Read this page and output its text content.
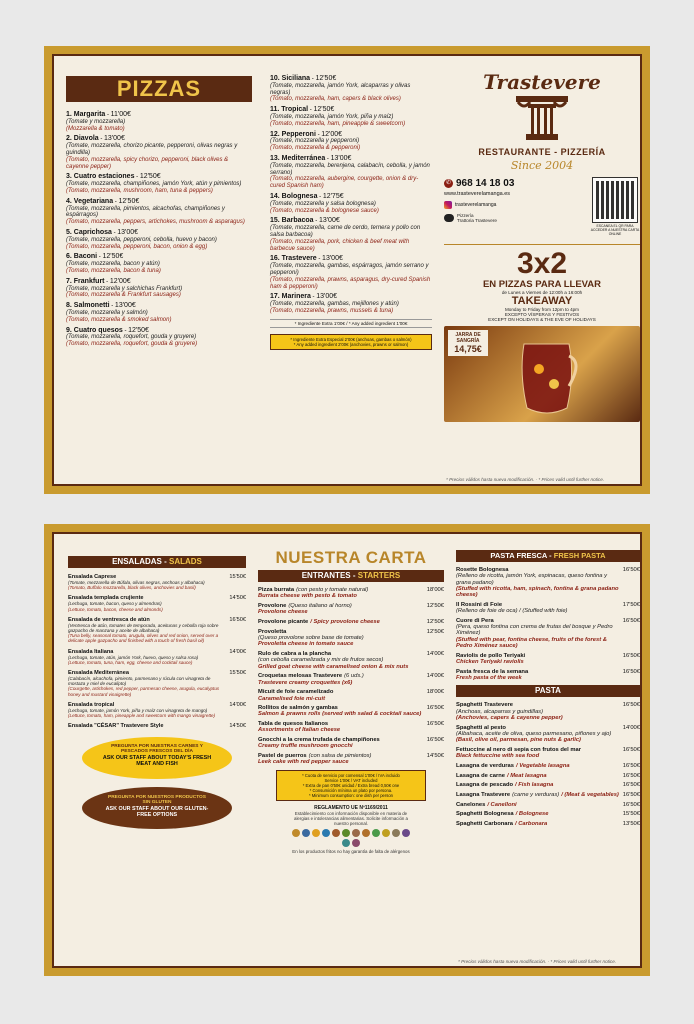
PIZZAS
1. Margarita - 11'00€
(Tomate y mozzarella)
(Mozzarella & tomato)
2. Diavola - 13'00€
(Tomate, mozzarella, chorizo picante, pepperoni, olivas negras y guindilla)
(Tomato, mozzarella, spicy chorizo, pepperoni, black olives & cayenne pepper)
3. Cuatro estaciones - 12'50€
(Tomate, mozzarella, champiñones, jamón York, atún y pimientos)
(Tomato, mozzarella, mushroom, ham, tuna & peppers)
4. Vegetariana - 12'50€
(Tomate, mozzarella, pimientos, alcachofas, champiñones y espárragos)
(Tomato, mozzarella, peppers, artichokes, mushroom & asparagus)
5. Caprichosa - 13'00€
(Tomate, mozzarella, pepperoni, cebolla, huevo y bacon)
(Tomato, mozzarella, pepperoni, bacon, onion & egg)
6. Baconi - 12'50€
(Tomate, mozzarella, bacon y atún)
(Tomato, mozzarella, bacon & tuna)
7. Frankfurt - 12'00€
(Tomate, mozzarella y salchichas Frankfurt)
(Tomato, mozzarella & Frankfurt sausages)
8. Salmonetti - 13'00€
(Tomate, mozzarella y salmón)
(Tomato, mozzarella & smoked salmon)
9. Cuatro quesos - 12'50€
(Tomate, mozzarella, roquefort, gouda y gruyere)
(Tomato, mozzarella, roquefort, gouda & gruyere)
10. Siciliana - 12'50€
(Tomate, mozzarella, jamón York, alcaparras y olivas negras)
(Tomato, mozzarella, ham, capers & black olives)
11. Tropical - 12'50€
(Tomate, mozzarella, jamón York, piña y maíz)
(Tomato, mozzarella, ham, pineapple & sweetcorn)
12. Pepperoni - 12'00€
(Tomate, mozzarella y pepperoni)
(Tomato, mozzarella & pepperoni)
13. Mediterránea - 13'00€
(Tomate, mozzarella, berenjena, calabacín, cebolla, y jamón serrano)
(Tomato, mozzarella, aubergine, courgette, onion & dry-cured Spanish ham)
14. Bolognesa - 12'75€
(Tomate, mozzarella y salsa bolognesa)
(Tomato, mozzarella & bolognese sauce)
15. Barbacoa - 13'00€
(Tomate, mozzarella, carne de cerdo, ternera y pollo con salsa barbacoa)
(Tomato, mozzarella, pork, chicken & beef meat with barbecue sauce)
16. Trastevere - 13'00€
(Tomate, mozzarella, gambas, espárragos, jamón serrano y pepperoni)
(Tomato, mozzarella, prawns, asparagus, dry-cured Spanish ham & pepperoni)
17. Marinera - 13'00€
(Tomate, mozzarella, gambas, mejillones y atún)
(Tomato, mozzarella, prawns, mussels & tuna)
* Ingrediente Extra 1'00€ / * Any added ingredient 1'00€
* Ingrediente Extra Especial 2'00€ (anchoas, gambas o salmón)
* Any added ingredient 2'00€ (anchovies, prawns or salmon)
Trastevere
RESTAURANTE - PIZZERÍA
Since 2004
✆ 968 14 18 03
www.trasteverelamanga.es
trasteverelamanga
Pizzería
Trattoria Trastevere
ESCANEA EL QR PARA ACCEDER A NUESTRA CARTA ONLINE
3x2
EN PIZZAS PARA LLEVAR
de Lunes a Viernes de 12:00h a 16:00h
TAKEAWAY
Monday to Friday from 12pm to 4pm
EXCEPTO VÍSPERAS Y FESTIVOS
EXCEPT ON HOLIDAYS & THE EVE OF HOLIDAYS
JARRA DE SANGRÍA
14,75€
* Precios válidos hasta nueva modificación. · * Prices valid until further notice.
ENSALADAS - SALADS
Ensalada Caprese
(Tomate, mezzarella de Búfala, olivas negras, anchoas y albahaca)
(Tomato, Buffalo mozzarella, black olives, anchovies and basil)
15'50€
Ensalada templada crujiente
(Lechuga, tomate, bacon, queso y almendras)
(Lettuce, tomato, bacon, cheese and almonds)
14'50€
Ensalada de ventresca de atún
(Ventresca de atún, tomates de temporada, aceitunas y cebolla roja sobre gazpacho de manzana y aceite de albahaca)
(Tuna belly, seasonal tomato, arugula, olives and red onion, served over a delicate apple gazpacho and finished with a touch of fresh basil oil)
16'50€
Ensalada Italiana
(Lechuga, tomate, atún, jamón York, huevo, queso y salsa rosa)
(Lettuce, tomato, tuna, ham, egg, cheese and cocktail sauce)
14'00€
Ensalada Mediterránea
(Calabacín, alcachofa, pimiento, parmesano y rúcula con vinagreta de mostaza y miel de eucalipto)
(Courgette, artichokes, red pepper, parmesan cheese, arugula, eucalyptus honey and mustard vinaigrette)
15'50€
Ensalada tropical
(Lechuga, tomate, jamón York, piña y maíz con vinagreta de mango)
(Lettuce, tomato, ham, pineapple and sweetcorn with mango vinaigrette)
14'00€
Ensalada "CÉSAR" Trastevere Style	14'50€
PREGUNTA POR NUESTRAS CARNES Y PESCADOS FRESCOS DEL DÍA
ASK OUR STAFF ABOUT TODAY'S FRESH MEAT AND FISH
PREGUNTA POR NUESTROS PRODUCTOS SIN GLUTEN
ASK OUR STAFF ABOUT OUR GLUTEN-FREE OPTIONS
NUESTRA CARTA
ENTRANTES - STARTERS
Pizza burrata (con pesto y tomate natural)
Burrata cheese with pesto & tomato
18'00€
Provolone (Queso italiano al horno)
Provolone cheese
12'50€
Provolone picante / Spicy provolone cheese	12'50€
Provoletta
(Queso provolone sobre base de tomate)
Provoletta cheese in tomato sauce
12'50€
Rulo de cabra a la plancha
(con cebolla caramelizada y mix de frutos secos)
Grilled goat cheese with caramelised onion & mix nuts
14'00€
Croquetas melosas Trastevere (6 uds.)
Trastevere creamy croquettes (x6)
14'00€
Micuit de foie caramelizado
Caramelised foie mi-cuit
18'00€
Rollitos de salmón y gambas
Salmon & prawns rolls (served with salad & cocktail sauce)
16'50€
Tabla de quesos Italianos
Assortments of Italian cheese
16'50€
Gnocchi a la crema trufada de champiñones
Creamy truffle mushroom gnocchi
16'50€
Pastel de puerros (con salsa de pimientos)
Leek cake with red pepper sauce
14'50€
* Cuota de servicio por comensal 1'00€ / IVA incluido
Service 1'00€ / VAT included
* Extra de pan 0'50€ unidad / Extra bread 0,50€ one
* Consumición mínima un plato por persona.
* Minimum consumption: one dish per person
REGLAMENTO UE Nº1169/2011
Establecimiento con información disponible en materia de alergias e intolerancias alimentarias. Solicite información a nuestro personal.
En los productos fritos no hay garantía de falta de alérgenos
PASTA FRESCA - FRESH PASTA
Rosette Bolognesa
(Relleno de ricotta, jamón York, espinacas, queso fontina y grana padano)
(Stuffed with ricotta, ham, spinach, fontina & grana padano cheese)
16'50€
Il Rossini di Foie
(Relleno de foie de oca) / (Stuffed with foie)
17'50€
Cuore di Pera
(Pera, queso fontina con crema de frutas del bosque y Pedro Ximénez)
(Stuffed with pear, fontina cheese, fruits of the forest & Pedro Ximénez sauce)
16'50€
Raviolis de pollo Teriyaki
Chicken Teriyaki raviolis
16'50€
Pasta fresca de la semana
Fresh pasta of the week
16'50€
PASTA
Spaghetti Trastevere
(Anchoas, alcaparras y guindillas)
(Anchovies, capers & cayenne pepper)
16'50€
Spaghetti al pesto
(Albahaca, aceite de oliva, queso parmesano, piñones y ajo)
(Basil, olive oil, parmesan, pine nuts & garlic)
14'00€
Fettuccine al nero di sepia con frutos del mar
Black fettuccine with sea food
16'50€
Lasagna de verduras / Vegetable lasagna	16'50€
Lasagna de carne / Meat lasagna	16'50€
Lasagna de pescado / Fish lasagna	16'50€
Lasagna Trastevere (carne y verduras) / (Meat & vegetables) 16'50€
Canelones / Canelloni	16'50€
Spaghetti Bolognesa / Bolognese	15'50€
Spaghetti Carbonara / Carbonara	13'50€
* Precios válidos hasta nueva modificación. · * Prices valid until further notice.
